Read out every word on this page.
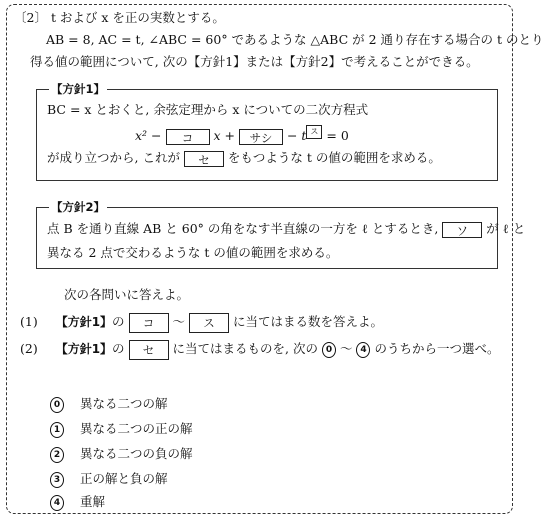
〔2〕 t および x を正の実数とする。
AB = 8, AC = t, ∠ABC = 60° であるような △ABC が 2 通り存在する場合の t のとり
得る値の範囲について, 次の【方針1】または【方針2】で考えることができる。
【方針1】
BC = x とおくと, 余弦定理から x についての二次方程式
x² − コ x + サシ − t ス = 0
が成り立つから, これが セ をもつような t の値の範囲を求める。
【方針2】
点 B を通り直線 AB と 60° の角をなす半直線の一方を ℓ とするとき, ソ が ℓ と
異なる 2 点で交わるような t の値の範囲を求める。
次の各問いに答えよ。
(1) 【方針1】の コ 〜 ス に当てはまる数を答えよ。
(2) 【方針1】の セ に当てはまるものを, 次の 0 〜 4 のうちから一つ選べ。
0 異なる二つの解
1 異なる二つの正の解
2 異なる二つの負の解
3 正の解と負の解
4 重解
